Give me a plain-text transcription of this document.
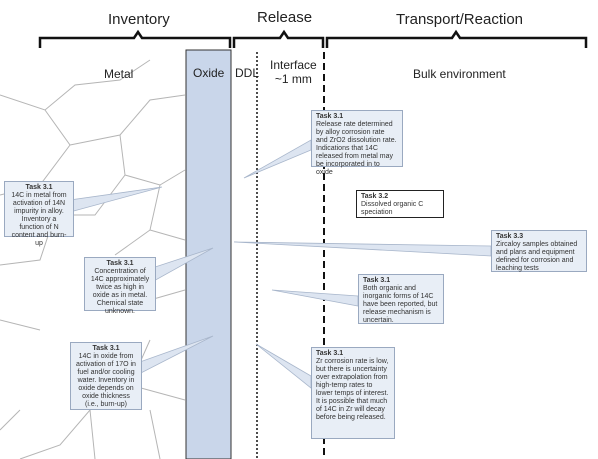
Inventory	Release	Transport/Reaction
Metal	Oxide DDL
Interface
~1 mm	Bulk environment
Task 3.1
Release rate determined by alloy corrosion rate and ZrO2 dissolution rate. Indications that 14C released from metal may be incorporated in to oxide
Task 3.1
14C in metal from activation of 14N impurity in alloy. Inventory a function of N content and burn-up
Task 3.1
Concentration of 14C approximately twice as high in oxide as in metal. Chemical state unknown.
Task 3.1
14C in oxide from activation of 17O in fuel and/or cooling water. Inventory in oxide depends on oxide thickness (i.e., burn-up)
Task 3.2
Dissolved organic C speciation
Task 3.3
Zircaloy samples obtained and plans and equipment defined for corrosion and leaching tests
Task 3.1
Both organic and inorganic forms of 14C have been reported, but release mechanism is uncertain.
Task 3.1
Zr corrosion rate is low, but there is uncertainty over extrapolation from high-temp rates to lower temps of interest. It is possible that much of 14C in Zr will decay before being released.
